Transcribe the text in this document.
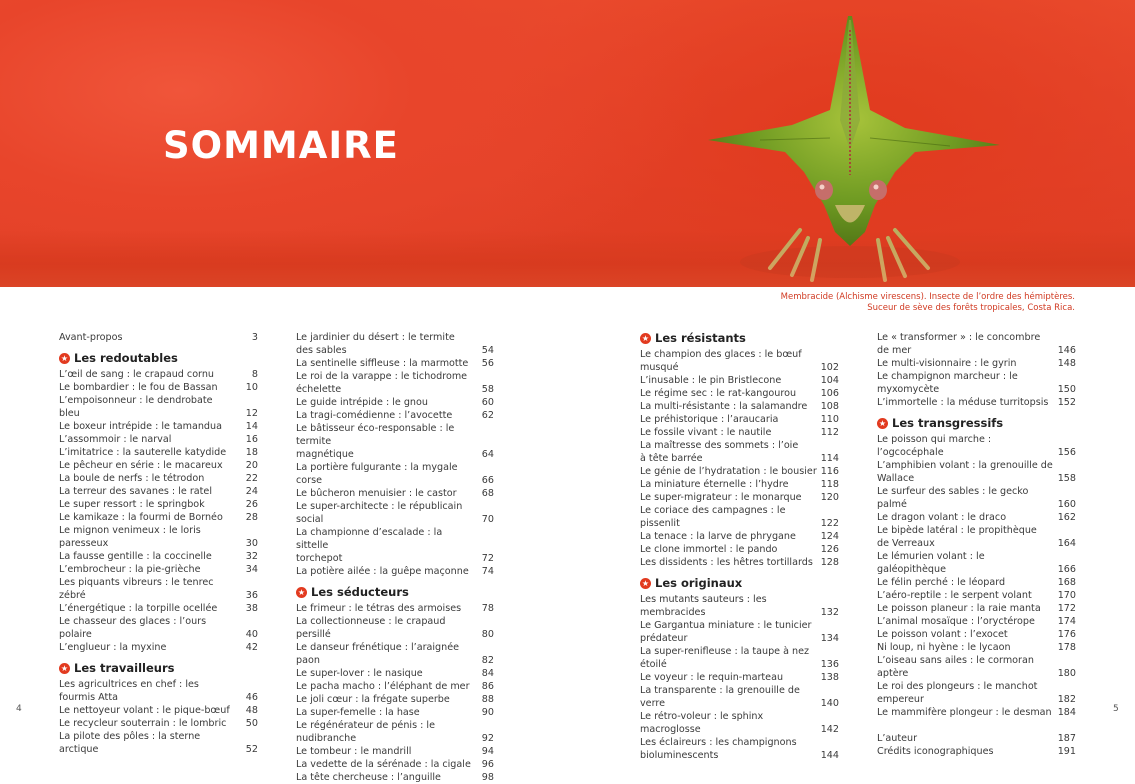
SOMMAIRE
Membracide (Alchisme virescens). Insecte de l’ordre des hémiptères.
Suceur de sève des forêts tropicales, Costa Rica.
Avant-propos	3
★ Les redoutables
L’œil de sang : le crapaud cornu	8
Le bombardier : le fou de Bassan	10
L’empoisonneur : le dendrobate bleu	12
Le boxeur intrépide : le tamandua	14
L’assommoir : le narval	16
L’imitatrice : la sauterelle katydide	18
Le pêcheur en série : le macareux	20
La boule de nerfs : le tétrodon	22
La terreur des savanes : le ratel	24
Le super ressort : le springbok	26
Le kamikaze : la fourmi de Bornéo	28
Le mignon venimeux : le loris paresseux	30
La fausse gentille : la coccinelle	32
L’embrocheur : la pie-grièche	34
Les piquants vibreurs : le tenrec zébré	36
L’énergétique : la torpille ocellée	38
Le chasseur des glaces : l’ours polaire	40
L’englueur : la myxine	42
★ Les travailleurs
Les agricultrices en chef : les fourmis Atta	46
Le nettoyeur volant : le pique-bœuf	48
Le recycleur souterrain : le lombric	50
La pilote des pôles : la sterne arctique	52
Le jardinier du désert : le termite des sables	54
La sentinelle siffleuse : la marmotte	56
Le roi de la varappe : le tichodrome
échelette	58
Le guide intrépide : le gnou	60
La tragi-comédienne : l’avocette	62
Le bâtisseur éco-responsable : le termite
magnétique	64
La portière fulgurante : la mygale corse	66
Le bûcheron menuisier : le castor	68
Le super-architecte : le républicain social	70
La championne d’escalade : la sittelle
torchepot	72
La potière ailée : la guêpe maçonne	74
★ Les séducteurs
Le frimeur : le tétras des armoises	78
La collectionneuse : le crapaud persillé	80
Le danseur frénétique : l’araignée paon	82
Le super-lover : le nasique	84
Le pacha macho : l’éléphant de mer	86
Le joli cœur : la frégate superbe	88
La super-femelle : la hase	90
Le régénérateur de pénis : le nudibranche	92
Le tombeur : le mandrill	94
La vedette de la sérénade : la cigale	96
La tête chercheuse : l’anguille	98
★ Les résistants
Le champion des glaces : le bœuf musqué	102
L’inusable : le pin Bristlecone	104
Le régime sec : le rat-kangourou	106
La multi-résistante : la salamandre	108
Le préhistorique : l’araucaria	110
Le fossile vivant : le nautile	112
La maîtresse des sommets : l’oie
à tête barrée	114
Le génie de l’hydratation : le bousier 116
La miniature éternelle : l’hydre	118
Le super-migrateur : le monarque	120
Le coriace des campagnes : le pissenlit	122
La tenace : la larve de phrygane	124
Le clone immortel : le pando	126
Les dissidents : les hêtres tortillards 128
★ Les originaux
Les mutants sauteurs : les membracides	132
Le Gargantua miniature : le tunicier
prédateur	134
La super-renifleuse : la taupe à nez étoilé	136
Le voyeur : le requin-marteau	138
La transparente : la grenouille de verre	140
Le rétro-voleur : le sphinx macroglosse	142
Les éclaireurs : les champignons
bioluminescents	144
Le « transformer » : le concombre de mer	146
Le multi-visionnaire : le gyrin	148
Le champignon marcheur : le myxomycète	150
L’immortelle : la méduse turritopsis 152
★ Les transgressifs
Le poisson qui marche : l’ogcocéphale	156
L’amphibien volant : la grenouille de Wallace	158
Le surfeur des sables : le gecko palmé	160
Le dragon volant : le draco	162
Le bipède latéral : le propithèque
de Verreaux	164
Le lémurien volant : le galéopithèque	166
Le félin perché : le léopard	168
L’aéro-reptile : le serpent volant	170
Le poisson planeur : la raie manta	172
L’animal mosaïque : l’oryctérope	174
Le poisson volant : l’exocet	176
Ni loup, ni hyène : le lycaon	178
L’oiseau sans ailes : le cormoran aptère	180
Le roi des plongeurs : le manchot
empereur	182
Le mammifère plongeur : le desman 184
L’auteur	187
Crédits iconographiques	191
4	5
